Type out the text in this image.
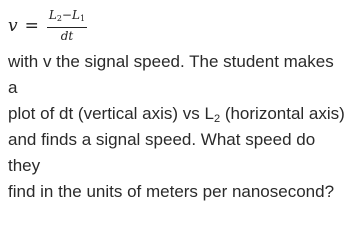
$v = \frac{L_2-L_1}{dt}$

with v the signal speed. The student makes a
plot of dt (vertical axis) vs $L_2$ (horizontal axis)
and finds a signal speed. What speed do they
find in the units of meters per nanosecond?
